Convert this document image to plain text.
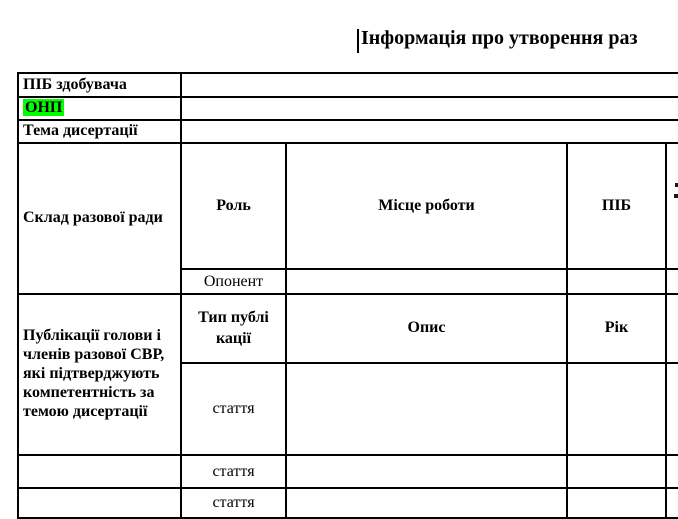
Інформація про утворення раз
ПІБ здобувача				
ОНП				
Тема дисертації				
Склад разової ради	Роль	Місце роботи	ПІБ	
	Опонент			
Публікації голови і членів разової СВР, які підтверджують компетентність за темою дисертації	Тип публікації	Опис	Рік	
	стаття			
	стаття			
	стаття			
